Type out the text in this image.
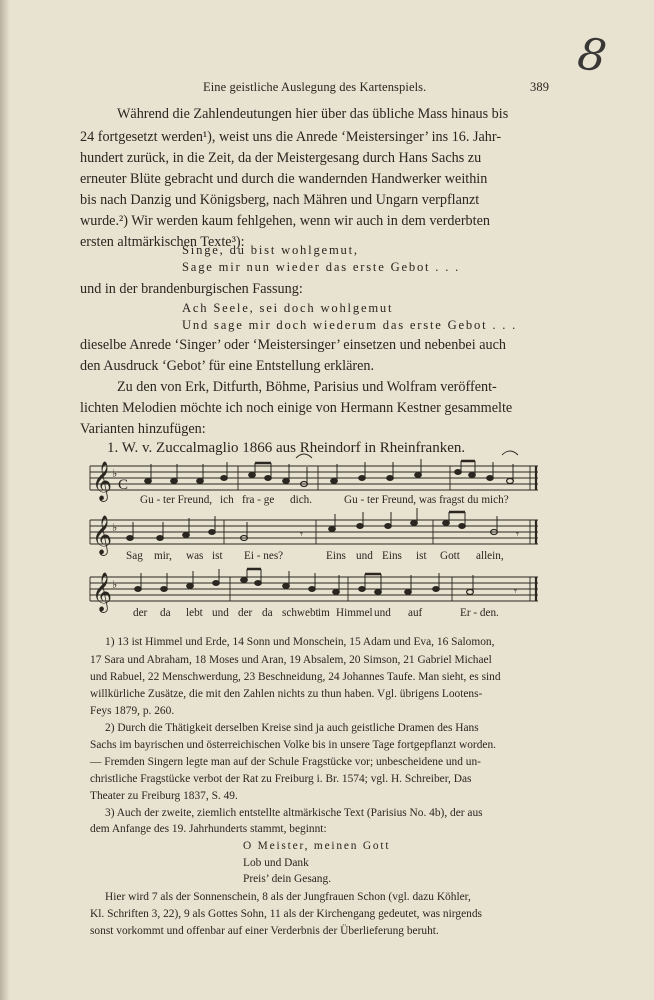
Eine geistliche Auslegung des Kartenspiels.	389
8
Während die Zahlendeutungen hier über das übliche Mass hinaus bis
24 fortgesetzt werden¹), weist uns die Anrede ‘Meistersinger’ ins 16. Jahr-
hundert zurück, in die Zeit, da der Meistergesang durch Hans Sachs zu
erneuter Blüte gebracht und durch die wandernden Handwerker weithin
bis nach Danzig und Königsberg, nach Mähren und Ungarn verpflanzt
wurde.²) Wir werden kaum fehlgehen, wenn wir auch in dem verderbten
ersten altmärkischen Texte³):
Singe, du bist wohlgemut,
Sage mir nun wieder das erste Gebot . . .
und in der brandenburgischen Fassung:
Ach Seele, sei doch wohlgemut
Und sage mir doch wiederum das erste Gebot . . .
dieselbe Anrede ‘Singer’ oder ‘Meistersinger’ einsetzen und nebenbei auch
den Ausdruck ‘Gebot’ für eine Entstellung erklären.
Zu den von Erk, Ditfurth, Böhme, Parisius und Wolfram veröffent-
lichten Melodien möchte ich noch einige von Hermann Kestner gesammelte
Varianten hinzufügen:
1. W. v. Zuccalmaglio 1866 aus Rheindorf in Rheinfranken.
𝄞 ♭
C
Gu - ter Freund, ich fra - ge dich.	Gu - ter Freund, was fragst du mich?
𝄞 ♭
𝄾	𝄾
Sag mir, was ist Ei - nes?	Eins und Eins ist Gott allein,
𝄞 ♭
𝄾
der da lebt und der da schwebt im Himmel und auf	Er - den.
1) 13 ist Himmel und Erde, 14 Sonn und Monschein, 15 Adam und Eva, 16 Salomon,
17 Sara und Abraham, 18 Moses und Aran, 19 Absalem, 20 Simson, 21 Gabriel Michael
und Rabuel, 22 Menschwerdung, 23 Beschneidung, 24 Johannes Taufe. Man sieht, es sind
willkürliche Zusätze, die mit den Zahlen nichts zu thun haben. Vgl. übrigens Lootens-
Feys 1879, p. 260.
2) Durch die Thätigkeit derselben Kreise sind ja auch geistliche Dramen des Hans
Sachs im bayrischen und österreichischen Volke bis in unsere Tage fortgepflanzt worden.
— Fremden Singern legte man auf der Schule Fragstücke vor; unbescheidene und un-
christliche Fragstücke verbot der Rat zu Freiburg i. Br. 1574; vgl. H. Schreiber, Das
Theater zu Freiburg 1837, S. 49.
3) Auch der zweite, ziemlich entstellte altmärkische Text (Parisius No. 4b), der aus
dem Anfange des 19. Jahrhunderts stammt, beginnt:
O Meister, meinen Gott
Lob und Dank
Preis’ dein Gesang.
Hier wird 7 als der Sonnenschein, 8 als der Jungfrauen Schon (vgl. dazu Köhler,
Kl. Schriften 3, 22), 9 als Gottes Sohn, 11 als der Kirchengang gedeutet, was nirgends
sonst vorkommt und offenbar auf einer Verderbnis der Überlieferung beruht.
